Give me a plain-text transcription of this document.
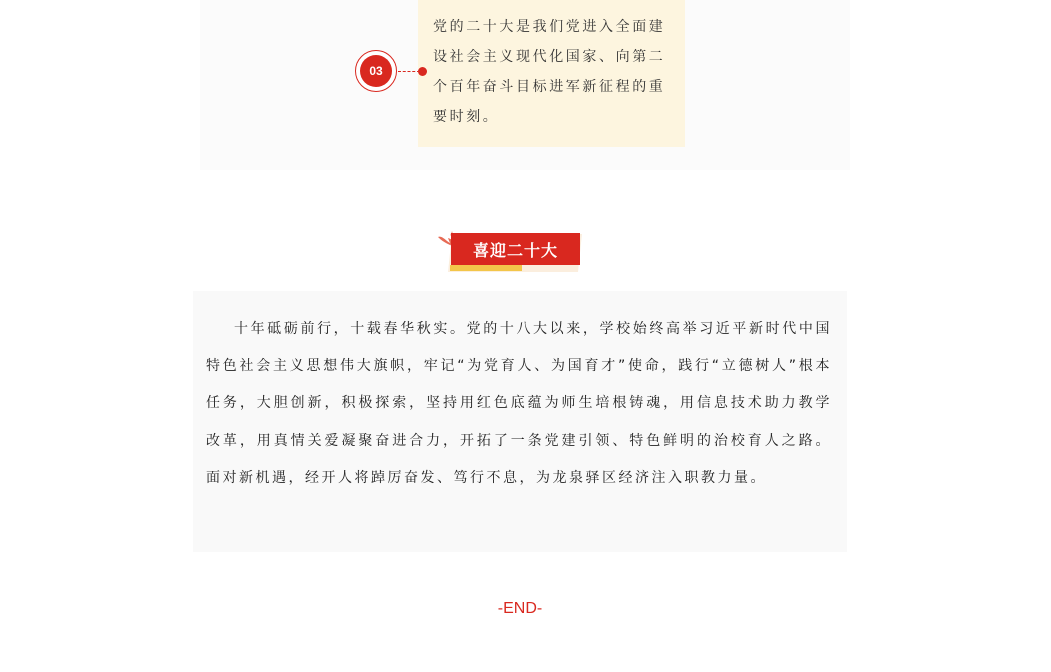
03

党的二十大是我们党进入全面建设社会主义现代化国家、向第二个百年奋斗目标进军新征程的重要时刻。

喜迎二十大

十年砥砺前行，十载春华秋实。党的十八大以来，学校始终高举习近平新时代中国特色社会主义思想伟大旗帜，牢记“为党育人、为国育才”使命，践行“立德树人”根本任务，大胆创新，积极探索，坚持用红色底蕴为师生培根铸魂，用信息技术助力教学改革，用真情关爱凝聚奋进合力，开拓了一条党建引领、特色鲜明的治校育人之路。面对新机遇，经开人将踔厉奋发、笃行不息，为龙泉驿区经济注入职教力量。

-END-
